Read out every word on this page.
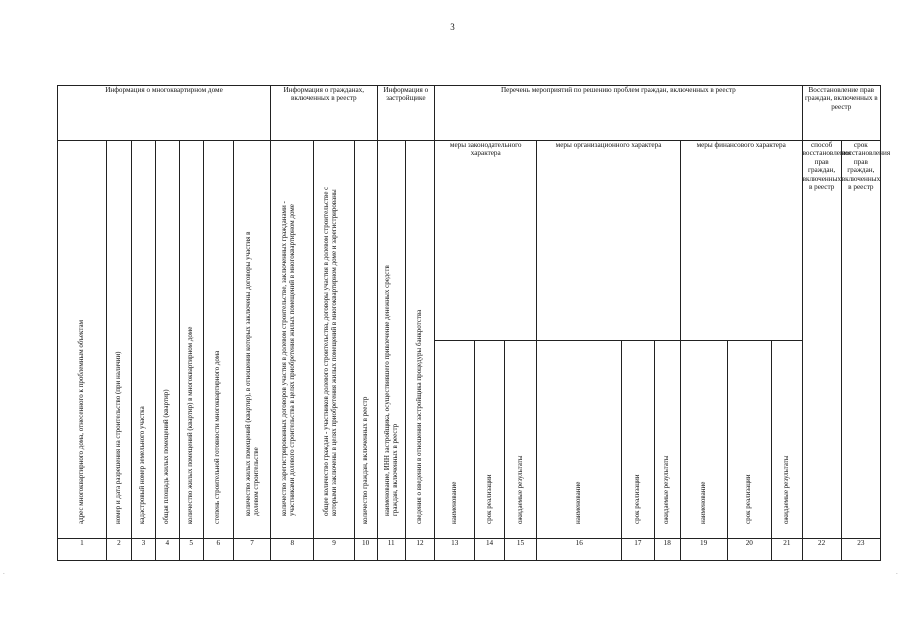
3
.	.
Информация о многоквартирном доме							Информация о гражданах, включенных в реестр			Информация о застройщике		Перечень мероприятий по решению проблем граждан, включенных в реестр									Восстановление прав граждан, включенных в реестр	

адрес многоквартирного дома, отнесенного к проблемным объектам	номер и дата разрешения на строительство (при наличии)	кадастровый номер земельного участка	общая площадь жилых помещений (квартир)	количество жилых помещений (квартир) в многоквартирном доме	степень строительной готовности многоквартирного дома	количество жилых помещений (квартир), в отношении которых заключены договоры участия в долевом строительстве	количество зарегистрированных договоров участия в долевом строительстве, заключенных гражданами - участниками долевого строительства в целях приобретения жилых помещений в многоквартирном доме	общее количество граждан - участников долевого строительства, договоры участия в долевом строительстве с которыми заключены в целях приобретения жилых помещений в многоквартирном доме и зарегистрированы	количество граждан, включенных в реестр	наименование, ИНН застройщика, осуществившего привлечение денежных средств граждан, включенных в реестр	сведения о введении в отношении застройщика процедуры банкротства	меры законодательного характера			меры организационного характера			меры финансового характера			способ восстановления прав граждан, включенных в реестр	срок восстановления прав граждан, включенных в реестр

												наименование	срок реализации	ожидаемые результаты	наименование	срок реализации	ожидаемые результаты	наименование	срок реализации	ожидаемые результаты		

1	2	3	4	5	6	7	8	9	10	11	12	13	14	15	16	17	18	19	20	21	22	23
